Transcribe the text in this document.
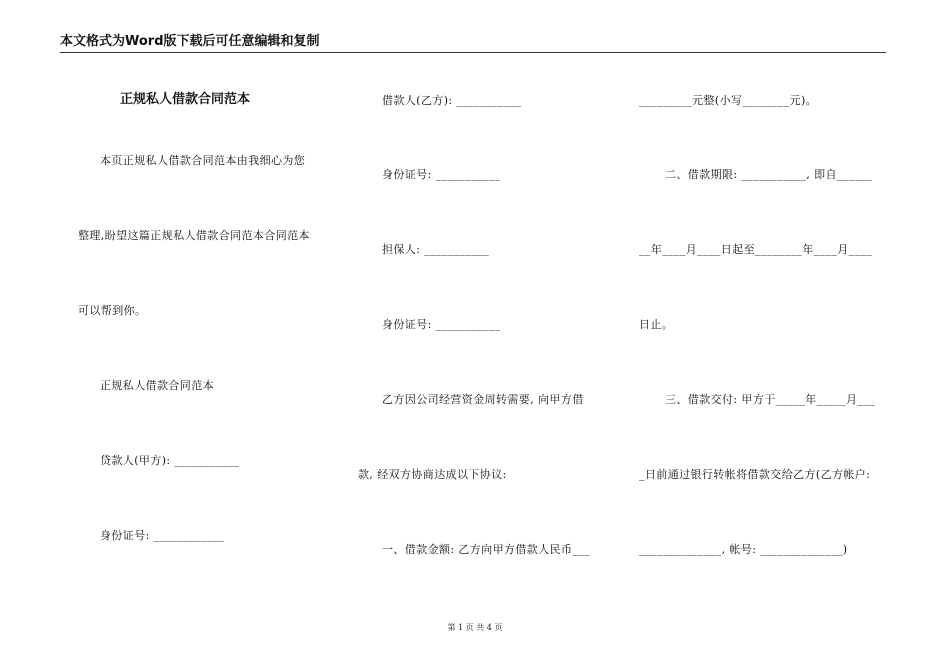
本文格式为Word版下载后可任意编辑和复制
正规私人借款合同范本
本页正规私人借款合同范本由我细心为您
整理,盼望这篇正规私人借款合同范本合同范本
可以帮到你。
正规私人借款合同范本
贷款人(甲方): ___________
身份证号: ____________
借款人(乙方): ___________
身份证号: ___________
担保人: ___________
身份证号: ___________
乙方因公司经营资金周转需要, 向甲方借
款, 经双方协商达成以下协议:
一、借款金额: 乙方向甲方借款人民币___
_________元整(小写________元)。
二、借款期限: ___________, 即自______
__年____月____日起至________年____月____
日止。
三、借款交付: 甲方于_____年_____月___
_日前通过银行转帐将借款交给乙方(乙方帐户:
______________, 帐号: ______________)
第 1 页 共 4 页
